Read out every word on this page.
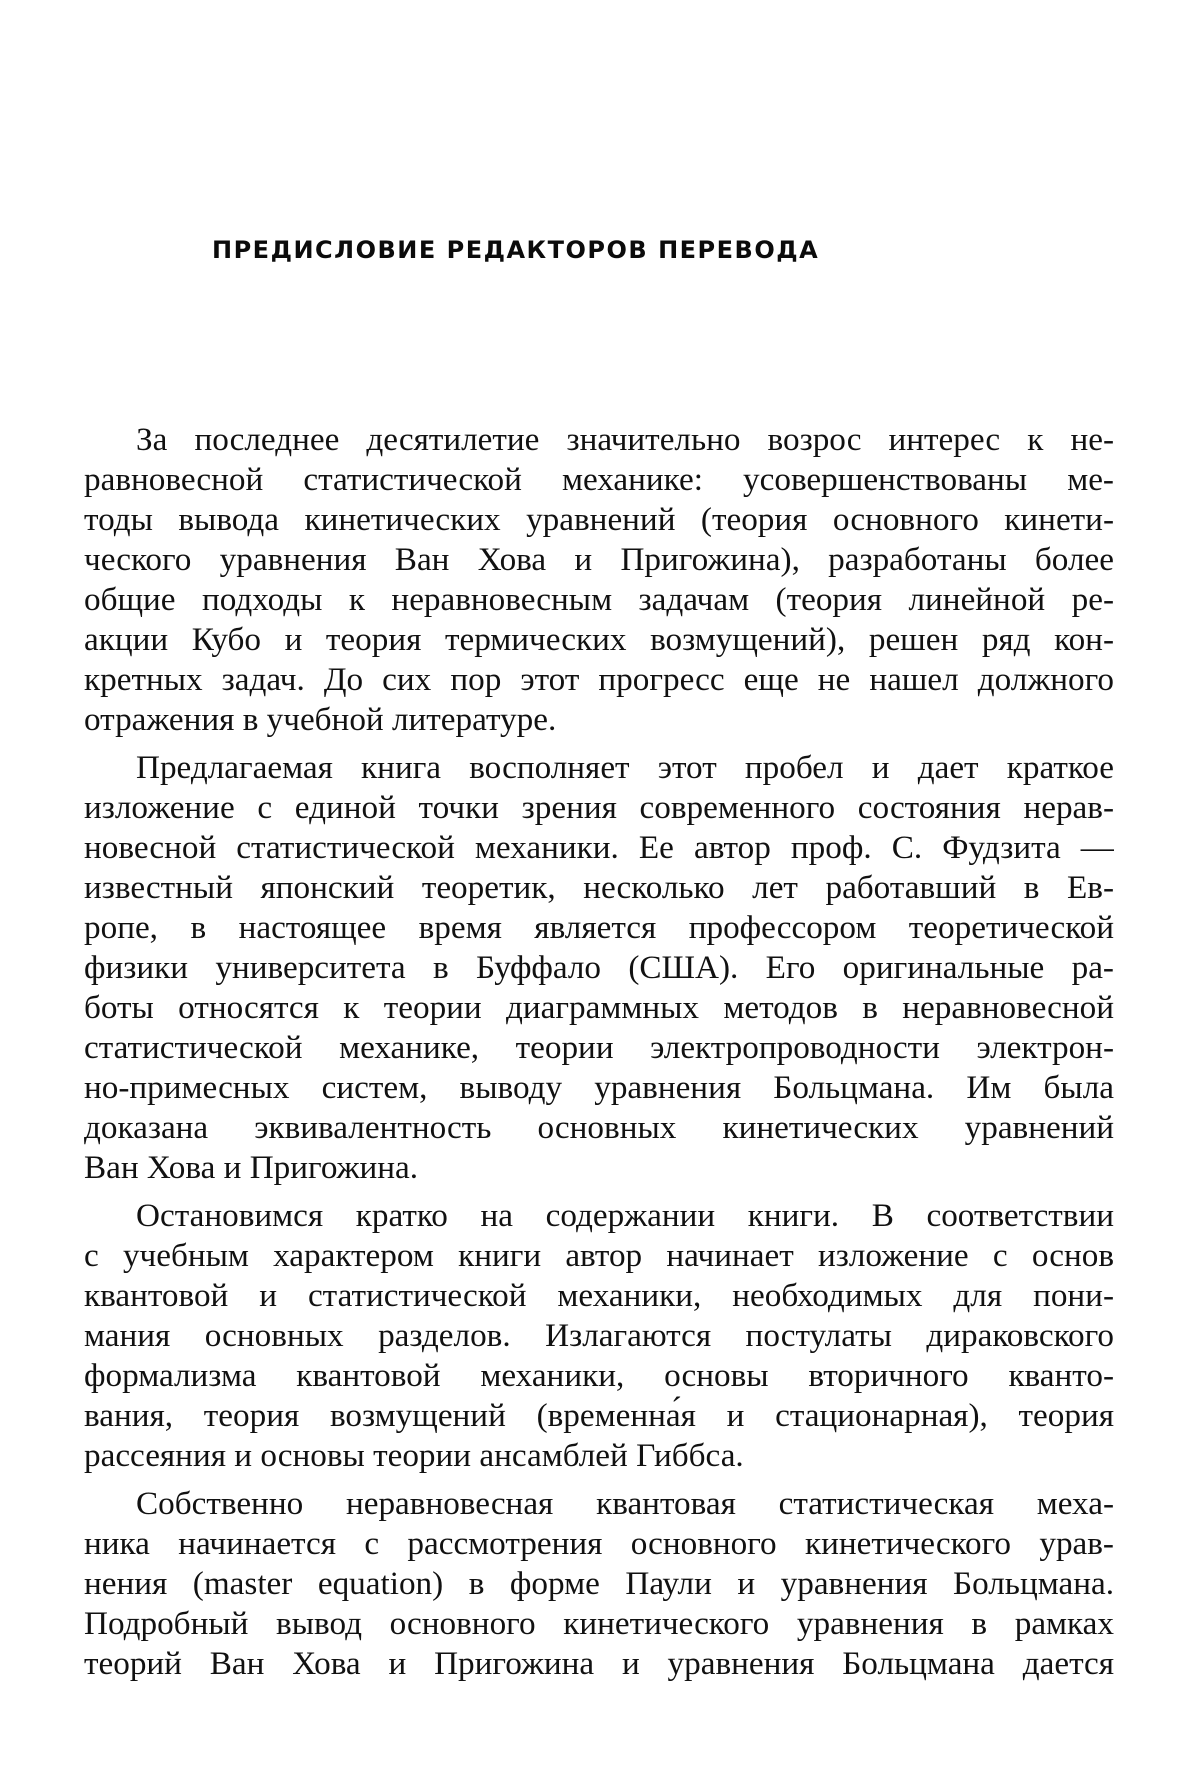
ПРЕДИСЛОВИЕ РЕДАКТОРОВ ПЕРЕВОДА
За последнее десятилетие значительно возрос интерес к не-
равновесной статистической механике: усовершенствованы ме-
тоды вывода кинетических уравнений (теория основного кинети-
ческого уравнения Ван Хова и Пригожина), разработаны более
общие подходы к неравновесным задачам (теория линейной ре-
акции Кубо и теория термических возмущений), решен ряд кон-
кретных задач. До сих пор этот прогресс еще не нашел должного
отражения в учебной литературе.
Предлагаемая книга восполняет этот пробел и дает краткое
изложение с единой точки зрения современного состояния нерав-
новесной статистической механики. Ее автор проф. С. Фудзита —
известный японский теоретик, несколько лет работавший в Ев-
ропе, в настоящее время является профессором теоретической
физики университета в Буффало (США). Его оригинальные ра-
боты относятся к теории диаграммных методов в неравновесной
статистической механике, теории электропроводности электрон-
но-примесных систем, выводу уравнения Больцмана. Им была
доказана эквивалентность основных кинетических уравнений
Ван Хова и Пригожина.
Остановимся кратко на содержании книги. В соответствии
с учебным характером книги автор начинает изложение с основ
квантовой и статистической механики, необходимых для пони-
мания основных разделов. Излагаются постулаты дираковского
формализма квантовой механики, основы вторичного кванто-
вания, теория возмущений (временна́я и стационарная), теория
рассеяния и основы теории ансамблей Гиббса.
Собственно неравновесная квантовая статистическая меха-
ника начинается с рассмотрения основного кинетического урав-
нения (master equation) в форме Паули и уравнения Больцмана.
Подробный вывод основного кинетического уравнения в рамках
теорий Ван Хова и Пригожина и уравнения Больцмана дается
